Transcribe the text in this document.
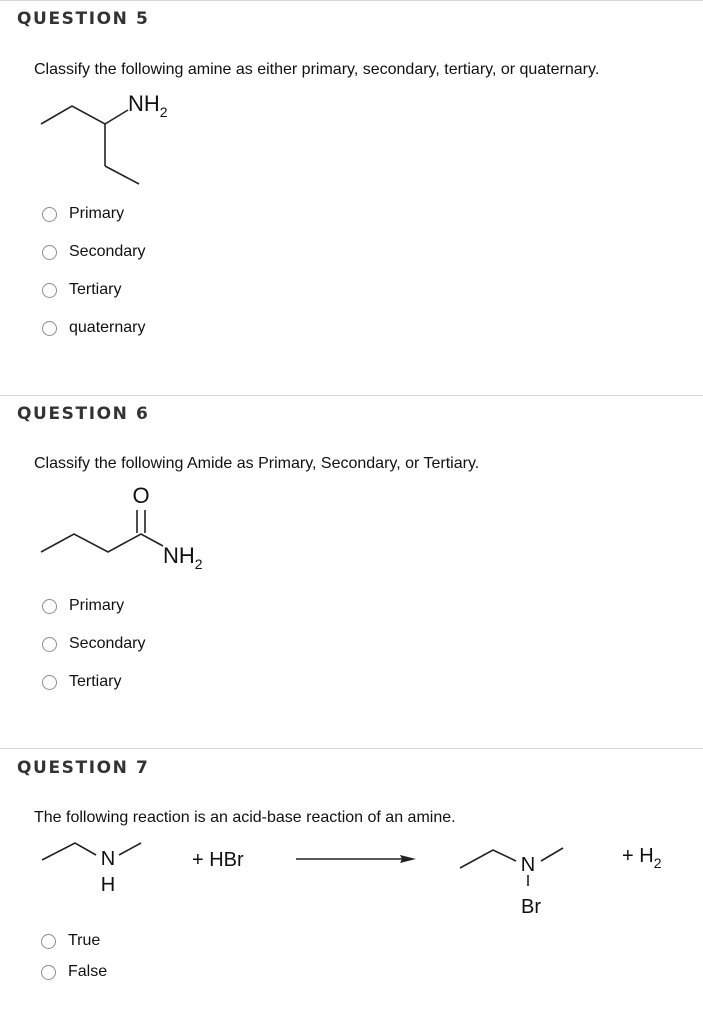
QUESTION 5
Classify the following amine as either primary, secondary, tertiary, or quaternary.
$NH_2$
Primary
Secondary
Tertiary
quaternary
QUESTION 6
Classify the following Amide as Primary, Secondary, or Tertiary.
O
$NH_2$
Primary
Secondary
Tertiary
QUESTION 7
The following reaction is an acid-base reaction of an amine.
N
H
+ HBr	N
Br
+ $H_2$
True
False
